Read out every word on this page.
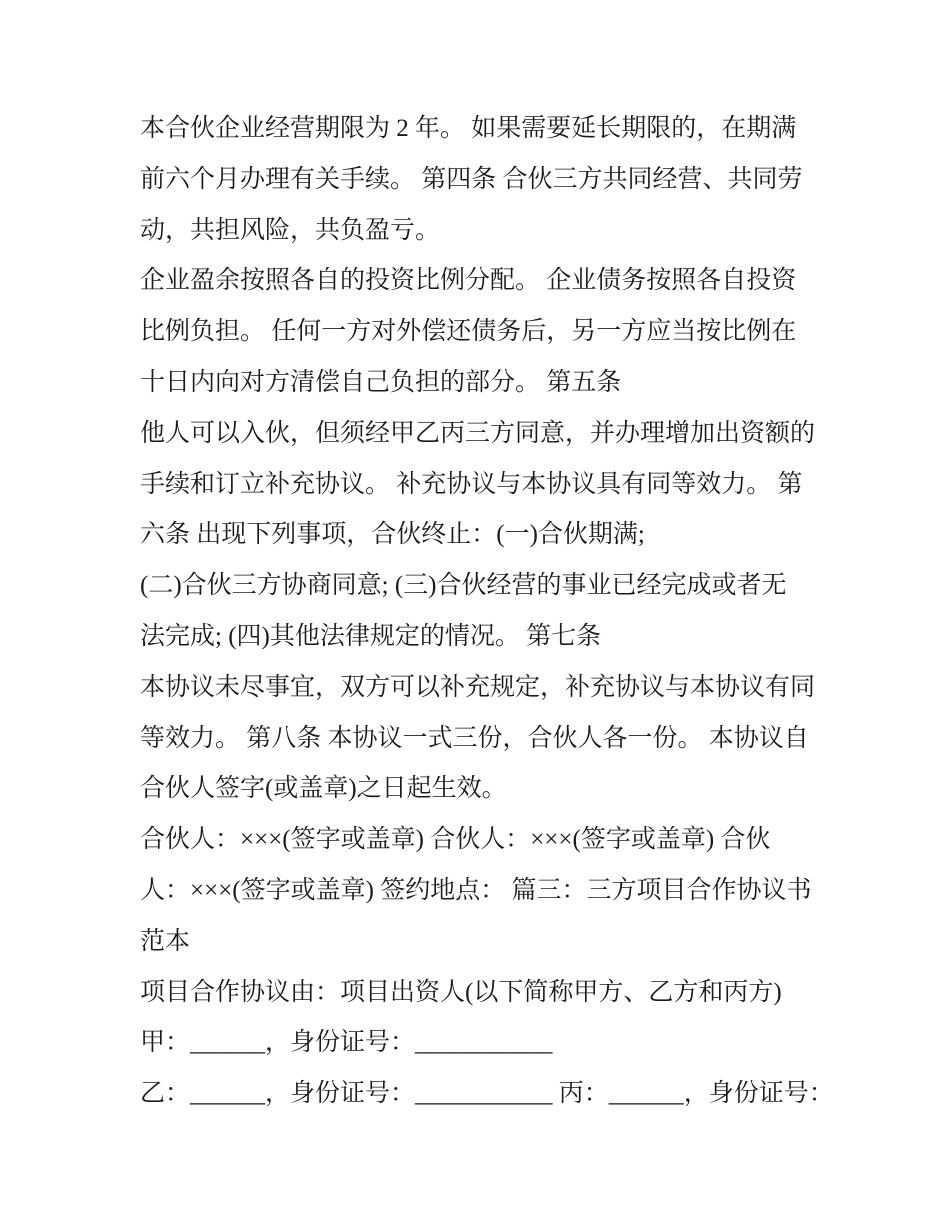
本合伙企业经营期限为 2 年。 如果需要延长期限的，在期满
前六个月办理有关手续。 第四条 合伙三方共同经营、共同劳
动，共担风险，共负盈亏。
企业盈余按照各自的投资比例分配。 企业债务按照各自投资
比例负担。 任何一方对外偿还债务后，另一方应当按比例在
十日内向对方清偿自己负担的部分。 第五条
他人可以入伙，但须经甲乙丙三方同意，并办理增加出资额的
手续和订立补充协议。 补充协议与本协议具有同等效力。 第
六条 出现下列事项，合伙终止：(一)合伙期满;
(二)合伙三方协商同意; (三)合伙经营的事业已经完成或者无
法完成; (四)其他法律规定的情况。 第七条
本协议未尽事宜，双方可以补充规定，补充协议与本协议有同
等效力。 第八条 本协议一式三份，合伙人各一份。 本协议自
合伙人签字(或盖章)之日起生效。
合伙人：×××(签字或盖章) 合伙人：×××(签字或盖章) 合伙
人：×××(签字或盖章) 签约地点： 篇三：三方项目合作协议书
范本
项目合作协议由：项目出资人(以下简称甲方、乙方和丙方)
甲：______，身份证号：___________
乙：______，身份证号：___________ 丙：______，身份证号：
